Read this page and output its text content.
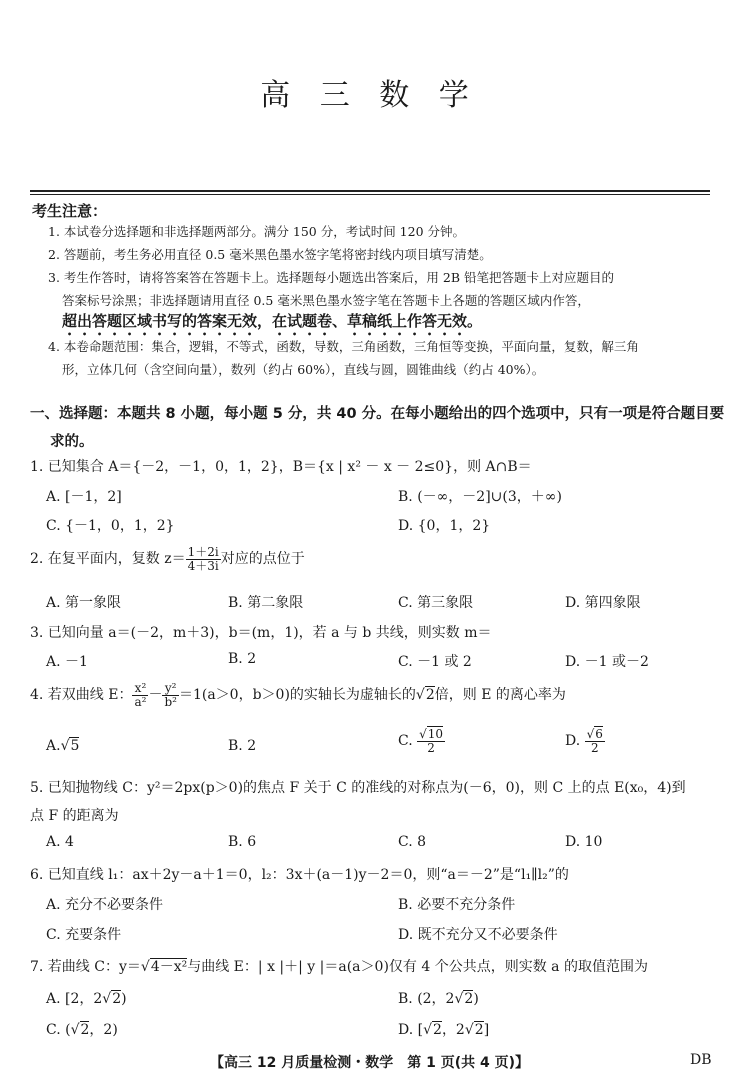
高 三 数 学
考生注意：
1. 本试卷分选择题和非选择题两部分。满分 150 分，考试时间 120 分钟。
2. 答题前，考生务必用直径 0.5 毫米黑色墨水签字笔将密封线内项目填写清楚。
3. 考生作答时，请将答案答在答题卡上。选择题每小题选出答案后，用 2B 铅笔把答题卡上对应题目的
答案标号涂黑；非选择题请用直径 0.5 毫米黑色墨水签字笔在答题卡上各题的答题区域内作答，
超出答题区域书写的答案无效，在试题卷、草稿纸上作答无效。
4. 本卷命题范围：集合，逻辑，不等式，函数，导数，三角函数，三角恒等变换，平面向量，复数，解三角
形，立体几何（含空间向量），数列（约占 60%），直线与圆，圆锥曲线（约占 40%）。
一、选择题：本题共 8 小题，每小题 5 分，共 40 分。在每小题给出的四个选项中，只有一项是符合题目要
求的。
1. 已知集合 A＝{－2，－1，0，1，2}，B＝{x | x² － x － 2≤0}，则 A∩B＝
A. [－1，2]	B. (－∞，－2]∪(3，＋∞)
C. {－1，0，1，2}	D. {0，1，2}
2. 在复平面内，复数 $z= \frac{1+2i}{4+3i}$ 对应的点位于
A. 第一象限	B. 第二象限	C. 第三象限	D. 第四象限
3. 已知向量 a＝(－2，m＋3)，b＝(m，1)，若 a 与 b 共线，则实数 m＝
A. －1	B. 2	C. －1 或 2	D. －1 或－2
4. 若双曲线 E： $\frac{\text{x²}}{\text{a²}} - \frac{\text{y²}}{\text{b²}} =1(a>0$，b＞0)的实轴长为虚轴长的√2倍，则 E 的离心率为
A.√5	B. 2	C. $\frac{√10}{2}$	D. $\frac{√6}{2}$
5. 已知抛物线 C：y²＝2px(p＞0)的焦点 F 关于 C 的准线的对称点为(－6，0)，则 C 上的点 E(x₀，4)到
点 F 的距离为
A. 4	B. 6	C. 8	D. 10
6. 已知直线 l₁：ax＋2y－a＋1＝0，l₂：3x＋(a－1)y－2＝0，则“a＝－2”是“l₁∥l₂”的
A. 充分不必要条件	B. 必要不充分条件
C. 充要条件	D. 既不充分又不必要条件
7. 若曲线 C：y＝√4－x²与曲线 E：| x |＋| y |＝a(a＞0)仅有 4 个公共点，则实数 a 的取值范围为
A. [2，2√2)	B. (2，2√2)
C. (√2，2)	D. [√2，2√2]
【高三 12 月质量检测・数学　第 1 页(共 4 页)】	DB
